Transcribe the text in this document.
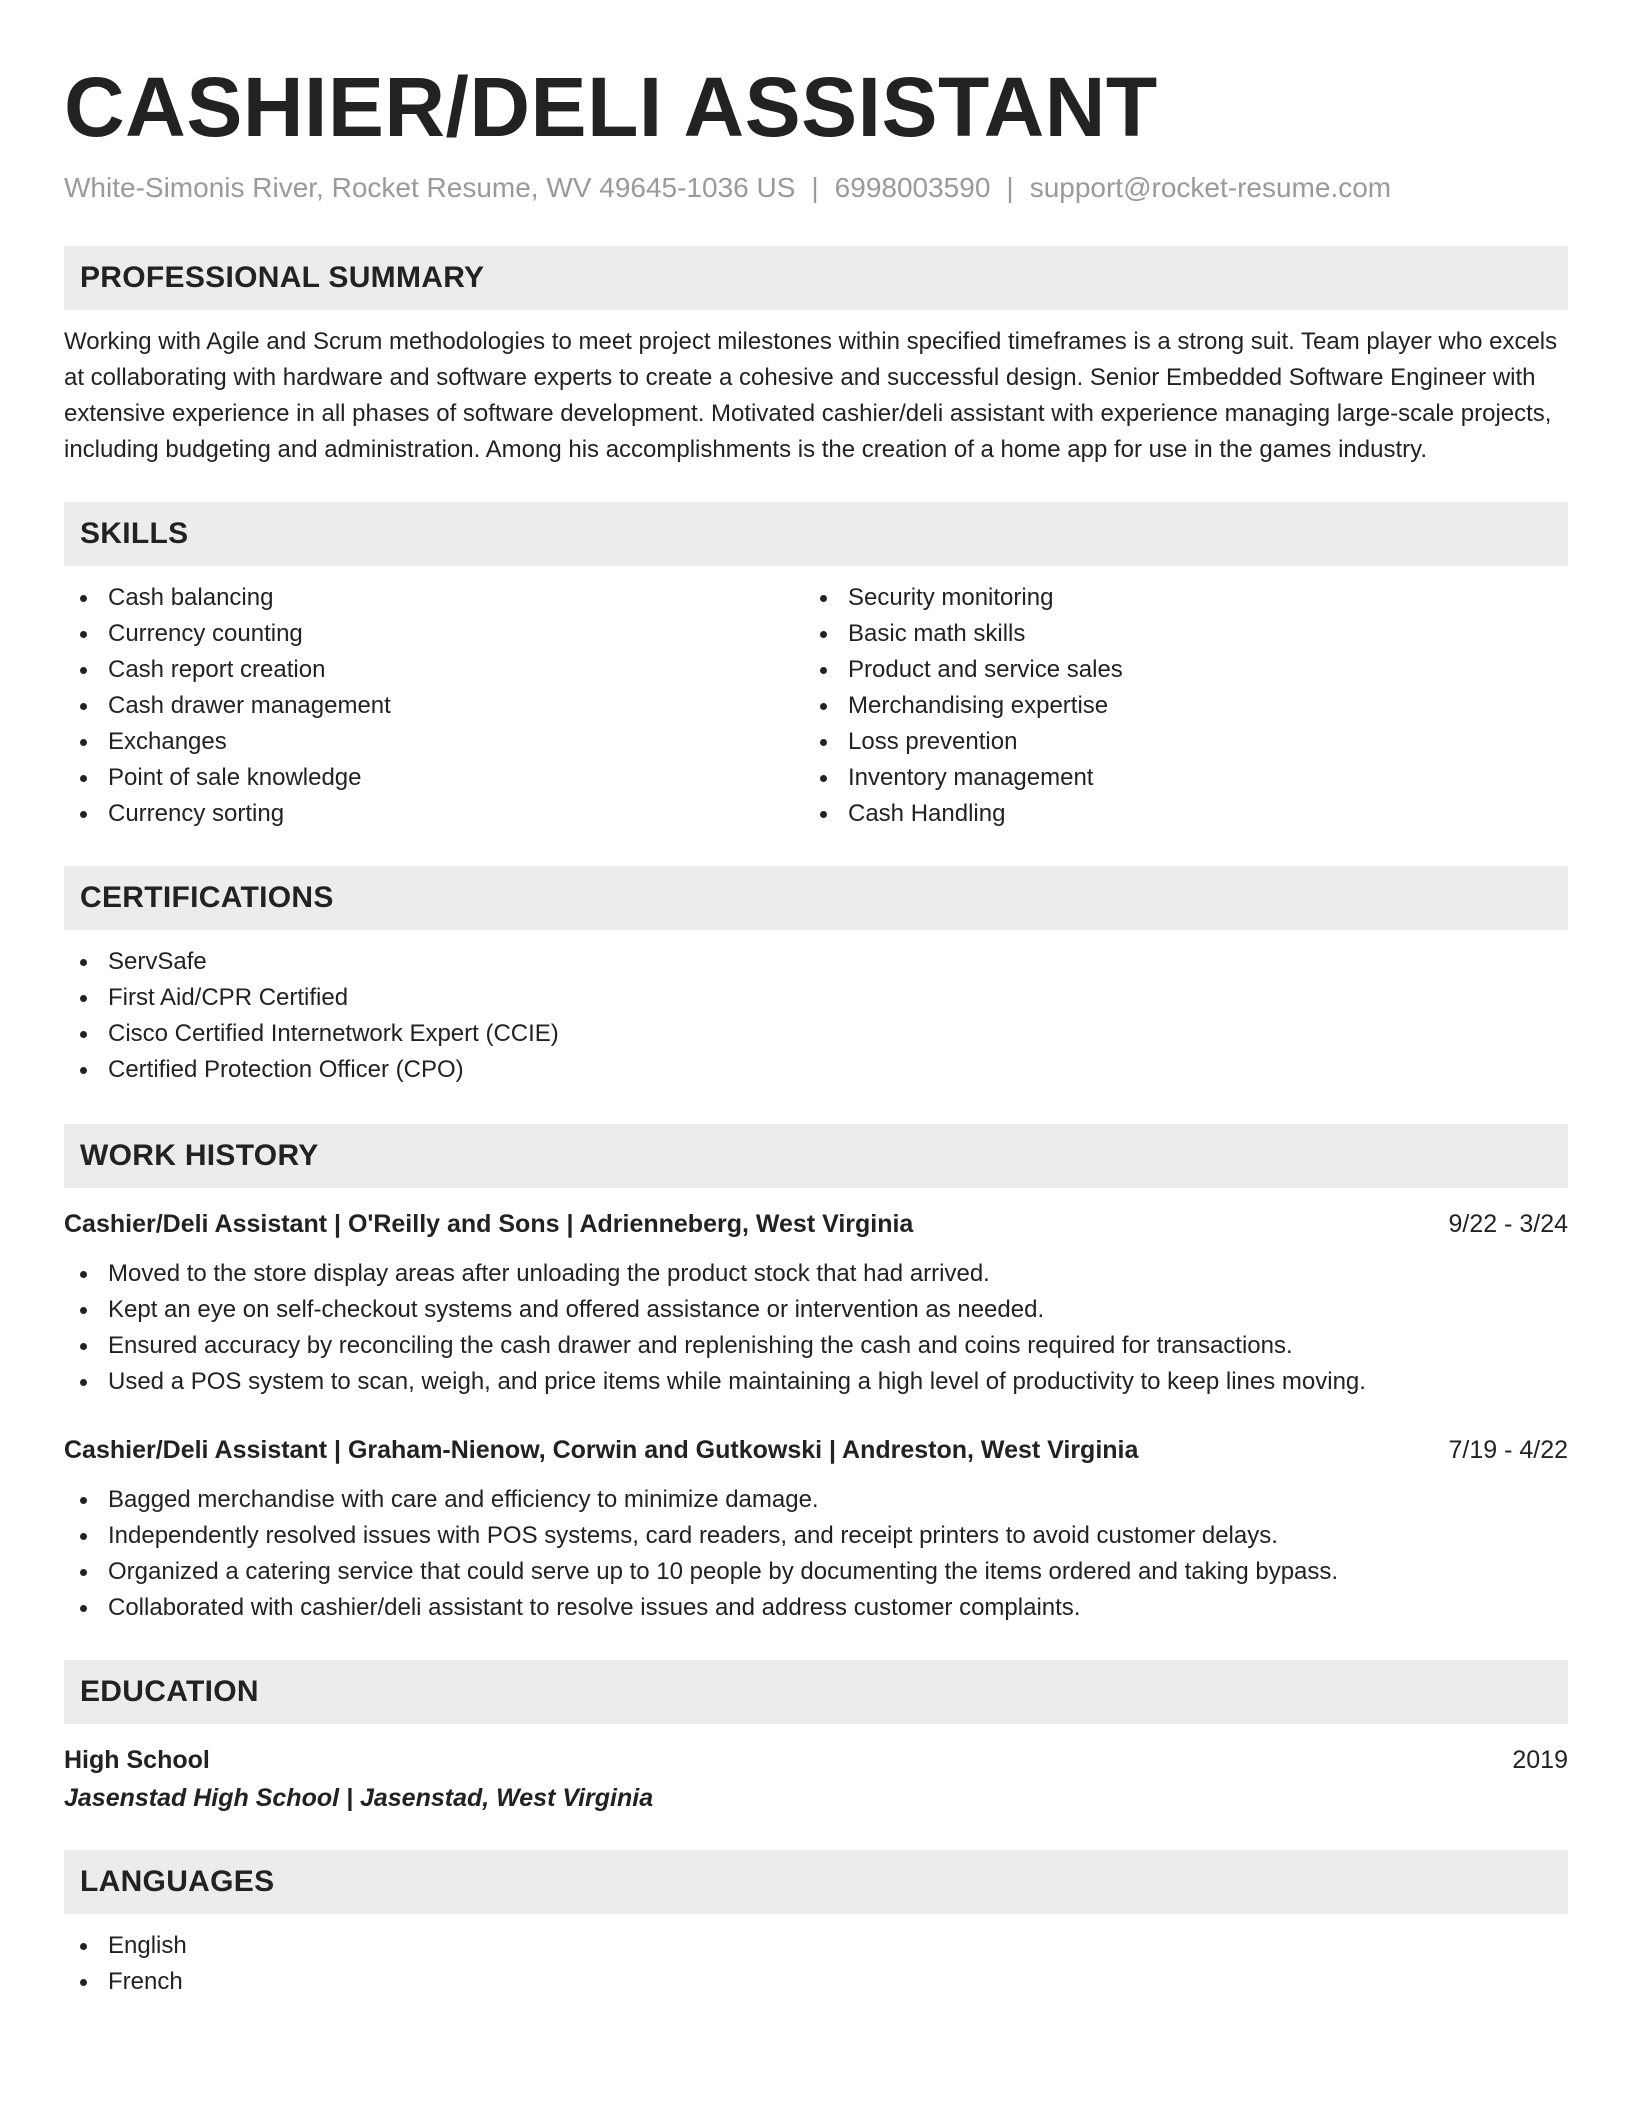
CASHIER/DELI ASSISTANT
White-Simonis River, Rocket Resume, WV 49645-1036 US | 6998003590 | support@rocket-resume.com
PROFESSIONAL SUMMARY
Working with Agile and Scrum methodologies to meet project milestones within specified timeframes is a strong suit. Team player who excels at collaborating with hardware and software experts to create a cohesive and successful design. Senior Embedded Software Engineer with extensive experience in all phases of software development. Motivated cashier/deli assistant with experience managing large-scale projects, including budgeting and administration. Among his accomplishments is the creation of a home app for use in the games industry.
SKILLS
Cash balancing
Currency counting
Cash report creation
Cash drawer management
Exchanges
Point of sale knowledge
Currency sorting
Security monitoring
Basic math skills
Product and service sales
Merchandising expertise
Loss prevention
Inventory management
Cash Handling
CERTIFICATIONS
ServSafe
First Aid/CPR Certified
Cisco Certified Internetwork Expert (CCIE)
Certified Protection Officer (CPO)
WORK HISTORY
Cashier/Deli Assistant | O'Reilly and Sons | Adrienneberg, West Virginia	9/22 - 3/24
Moved to the store display areas after unloading the product stock that had arrived.
Kept an eye on self-checkout systems and offered assistance or intervention as needed.
Ensured accuracy by reconciling the cash drawer and replenishing the cash and coins required for transactions.
Used a POS system to scan, weigh, and price items while maintaining a high level of productivity to keep lines moving.
Cashier/Deli Assistant | Graham-Nienow, Corwin and Gutkowski | Andreston, West Virginia	7/19 - 4/22
Bagged merchandise with care and efficiency to minimize damage.
Independently resolved issues with POS systems, card readers, and receipt printers to avoid customer delays.
Organized a catering service that could serve up to 10 people by documenting the items ordered and taking bypass.
Collaborated with cashier/deli assistant to resolve issues and address customer complaints.
EDUCATION
High School	2019
Jasenstad High School | Jasenstad, West Virginia
LANGUAGES
English
French
